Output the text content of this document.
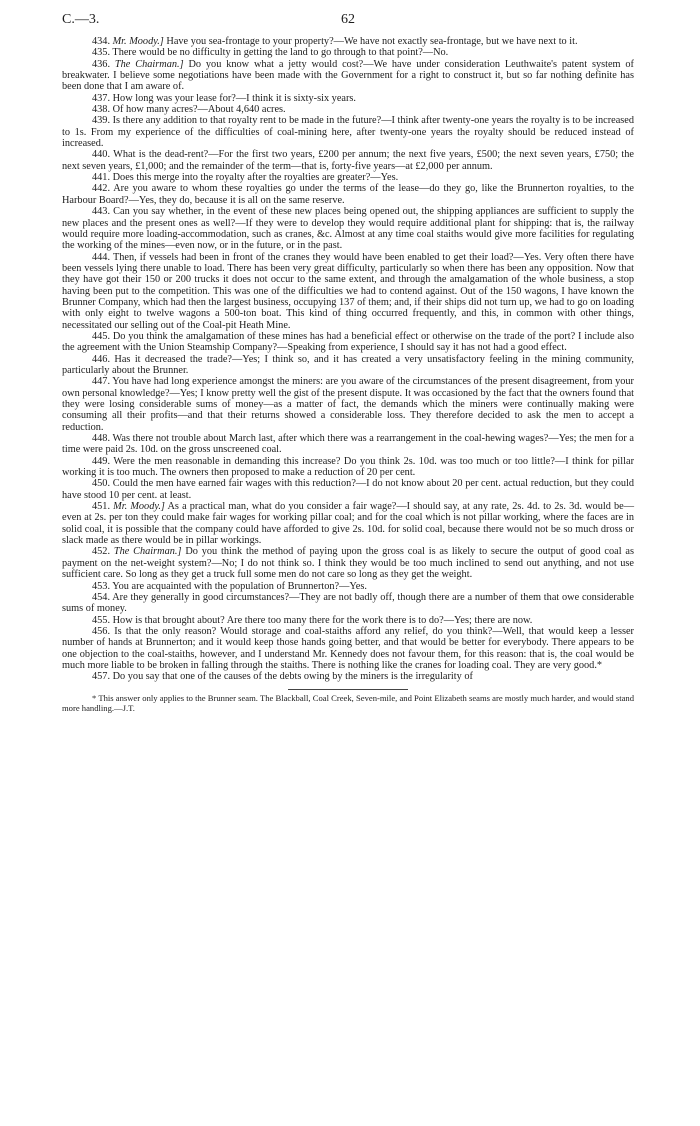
C.—3.	62

434. Mr. Moody.] Have you sea-frontage to your property?—We have not exactly sea-frontage, but we have next to it.

435. There would be no difficulty in getting the land to go through to that point?—No.

436. The Chairman.] Do you know what a jetty would cost?—We have under consideration Leuthwaite's patent system of breakwater. I believe some negotiations have been made with the Government for a right to construct it, but so far nothing definite has been done that I am aware of.

437. How long was your lease for?—I think it is sixty-six years.

438. Of how many acres?—About 4,640 acres.

439. Is there any addition to that royalty rent to be made in the future?—I think after twenty-one years the royalty is to be increased to 1s. From my experience of the difficulties of coal-mining here, after twenty-one years the royalty should be reduced instead of increased.

440. What is the dead-rent?—For the first two years, £200 per annum; the next five years, £500; the next seven years, £750; the next seven years, £1,000; and the remainder of the term—that is, forty-five years—at £2,000 per annum.

441. Does this merge into the royalty after the royalties are greater?—Yes.

442. Are you aware to whom these royalties go under the terms of the lease—do they go, like the Brunnerton royalties, to the Harbour Board?—Yes, they do, because it is all on the same reserve.

443. Can you say whether, in the event of these new places being opened out, the shipping appliances are sufficient to supply the new places and the present ones as well?—If they were to develop they would require additional plant for shipping: that is, the railway would require more loading-accommodation, such as cranes, &c. Almost at any time coal staiths would give more facilities for regulating the working of the mines—even now, or in the future, or in the past.

444. Then, if vessels had been in front of the cranes they would have been enabled to get their load?—Yes. Very often there have been vessels lying there unable to load. There has been very great difficulty, particularly so when there has been any opposition. Now that they have got their 150 or 200 trucks it does not occur to the same extent, and through the amalgamation of the whole business, a stop having been put to the competition. This was one of the difficulties we had to contend against. Out of the 150 wagons, I have known the Brunner Company, which had then the largest business, occupying 137 of them; and, if their ships did not turn up, we had to go on loading with only eight to twelve wagons a 500-ton boat. This kind of thing occurred frequently, and this, in common with other things, necessitated our selling out of the Coal-pit Heath Mine.

445. Do you think the amalgamation of these mines has had a beneficial effect or otherwise on the trade of the port? I include also the agreement with the Union Steamship Company?—Speaking from experience, I should say it has not had a good effect.

446. Has it decreased the trade?—Yes; I think so, and it has created a very unsatisfactory feeling in the mining community, particularly about the Brunner.

447. You have had long experience amongst the miners: are you aware of the circumstances of the present disagreement, from your own personal knowledge?—Yes; I know pretty well the gist of the present dispute. It was occasioned by the fact that the owners found that they were losing considerable sums of money—as a matter of fact, the demands which the miners were continually making were consuming all their profits—and that their returns showed a considerable loss. They therefore decided to ask the men to accept a reduction.

448. Was there not trouble about March last, after which there was a rearrangement in the coal-hewing wages?—Yes; the men for a time were paid 2s. 10d. on the gross unscreened coal.

449. Were the men reasonable in demanding this increase? Do you think 2s. 10d. was too much or too little?—I think for pillar working it is too much. The owners then proposed to make a reduction of 20 per cent.

450. Could the men have earned fair wages with this reduction?—I do not know about 20 per cent. actual reduction, but they could have stood 10 per cent. at least.

451. Mr. Moody.] As a practical man, what do you consider a fair wage?—I should say, at any rate, 2s. 4d. to 2s. 3d. would be—even at 2s. per ton they could make fair wages for working pillar coal; and for the coal which is not pillar working, where the faces are in solid coal, it is possible that the company could have afforded to give 2s. 10d. for solid coal, because there would not be so much dross or slack made as there would be in pillar workings.

452. The Chairman.] Do you think the method of paying upon the gross coal is as likely to secure the output of good coal as payment on the net-weight system?—No; I do not think so. I think they would be too much inclined to send out anything, and not use sufficient care. So long as they get a truck full some men do not care so long as they get the weight.

453. You are acquainted with the population of Brunnerton?—Yes.

454. Are they generally in good circumstances?—They are not badly off, though there are a number of them that owe considerable sums of money.

455. How is that brought about? Are there too many there for the work there is to do?—Yes; there are now.

456. Is that the only reason? Would storage and coal-staiths afford any relief, do you think?—Well, that would keep a lesser number of hands at Brunnerton; and it would keep those hands going better, and that would be better for everybody. There appears to be one objection to the coal-staiths, however, and I understand Mr. Kennedy does not favour them, for this reason: that is, the coal would be much more liable to be broken in falling through the staiths. There is nothing like the cranes for loading coal. They are very good.*

457. Do you say that one of the causes of the debts owing by the miners is the irregularity of

* This answer only applies to the Brunner seam. The Blackball, Coal Creek, Seven-mile, and Point Elizabeth seams are mostly much harder, and would stand more handling.—J.T.
